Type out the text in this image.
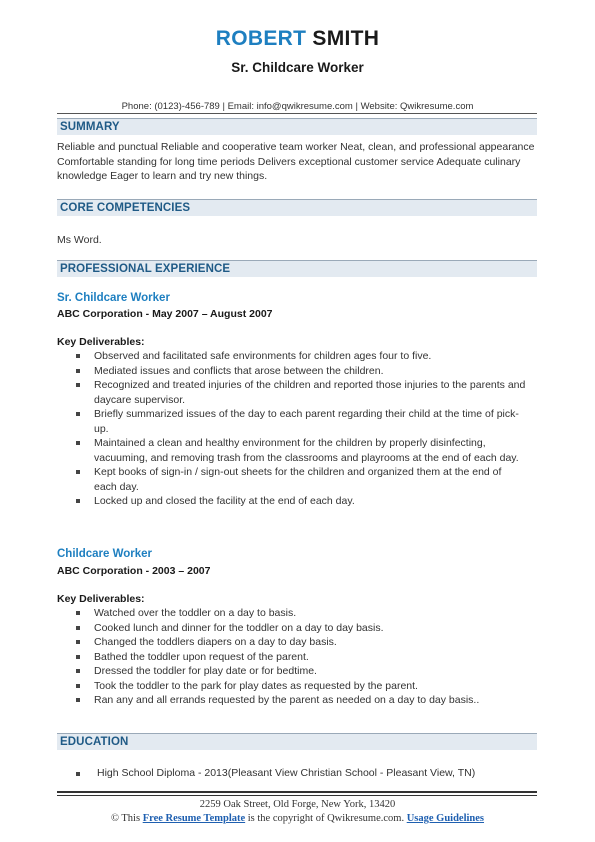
ROBERT SMITH
Sr. Childcare Worker
Phone: (0123)-456-789 | Email: info@qwikresume.com | Website: Qwikresume.com
SUMMARY
Reliable and punctual Reliable and cooperative team worker Neat, clean, and professional appearance Comfortable standing for long time periods Delivers exceptional customer service Adequate culinary knowledge Eager to learn and try new things.
CORE COMPETENCIES
Ms Word.
PROFESSIONAL EXPERIENCE
Sr. Childcare Worker
ABC Corporation - May 2007 – August 2007
Key Deliverables:
Observed and facilitated safe environments for children ages four to five.
Mediated issues and conflicts that arose between the children.
Recognized and treated injuries of the children and reported those injuries to the parents and daycare supervisor.
Briefly summarized issues of the day to each parent regarding their child at the time of pick-up.
Maintained a clean and healthy environment for the children by properly disinfecting, vacuuming, and removing trash from the classrooms and playrooms at the end of each day.
Kept books of sign-in / sign-out sheets for the children and organized them at the end of each day.
Locked up and closed the facility at the end of each day.
Childcare Worker
ABC Corporation - 2003 – 2007
Key Deliverables:
Watched over the toddler on a day to basis.
Cooked lunch and dinner for the toddler on a day to day basis.
Changed the toddlers diapers on a day to day basis.
Bathed the toddler upon request of the parent.
Dressed the toddler for play date or for bedtime.
Took the toddler to the park for play dates as requested by the parent.
Ran any and all errands requested by the parent as needed on a day to day basis..
EDUCATION
High School Diploma - 2013(Pleasant View Christian School - Pleasant View, TN)
2259 Oak Street, Old Forge, New York, 13420
© This Free Resume Template is the copyright of Qwikresume.com. Usage Guidelines
